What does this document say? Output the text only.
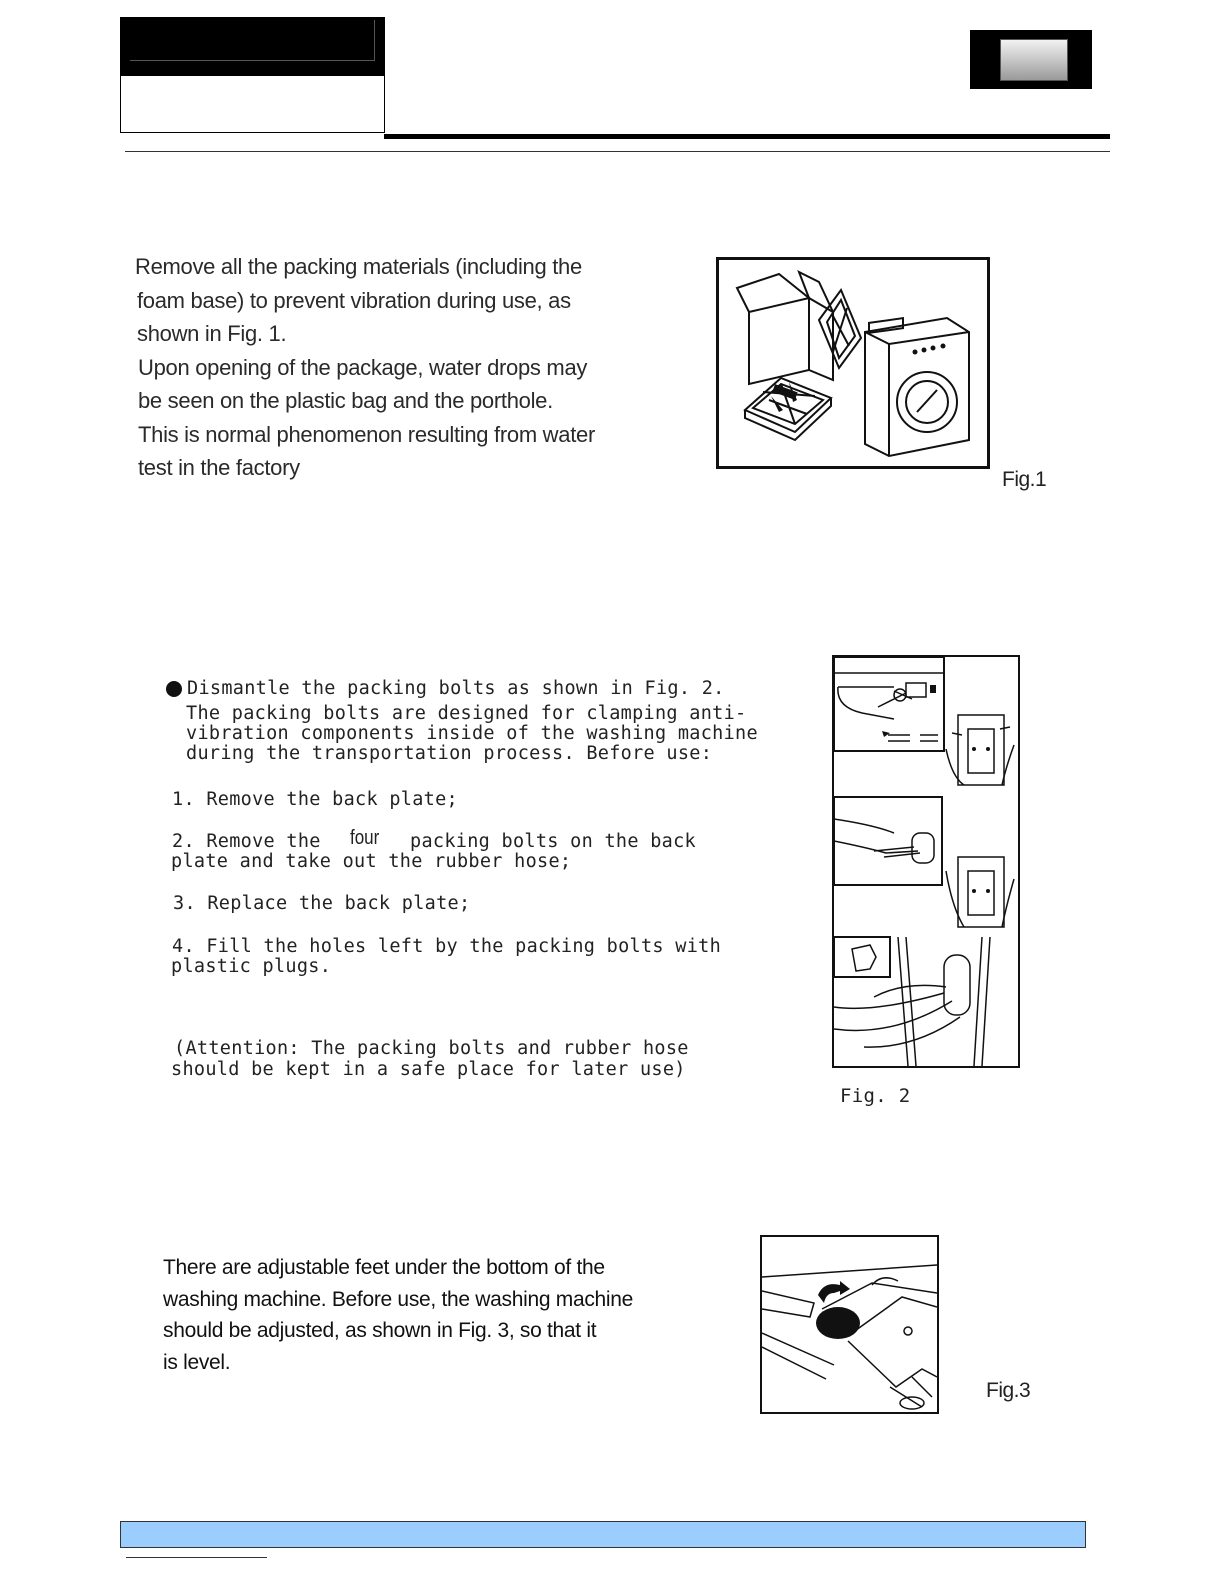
Remove all the packing materials (including the
foam base) to prevent vibration during use, as
shown in Fig. 1.
Upon opening of the package, water drops may
be seen on the plastic bag and the porthole.
This is normal phenomenon resulting from water
test in the factory	Fig.1
Dismantle the packing bolts as shown in Fig. 2.
The packing bolts are designed for clamping anti-
vibration components inside of the washing machine
during the transportation process. Before use:
1. Remove the back plate;
2. Remove the four packing bolts on the back
plate and take out the rubber hose;
3. Replace the back plate;
4. Fill the holes left by the packing bolts with
plastic plugs.
(Attention: The packing bolts and rubber hose
should be kept in a safe place for later use)
Fig. 2
There are adjustable feet under the bottom of the
washing machine. Before use, the washing machine
should be adjusted, as shown in Fig. 3, so that it
is level.
Fig.3
